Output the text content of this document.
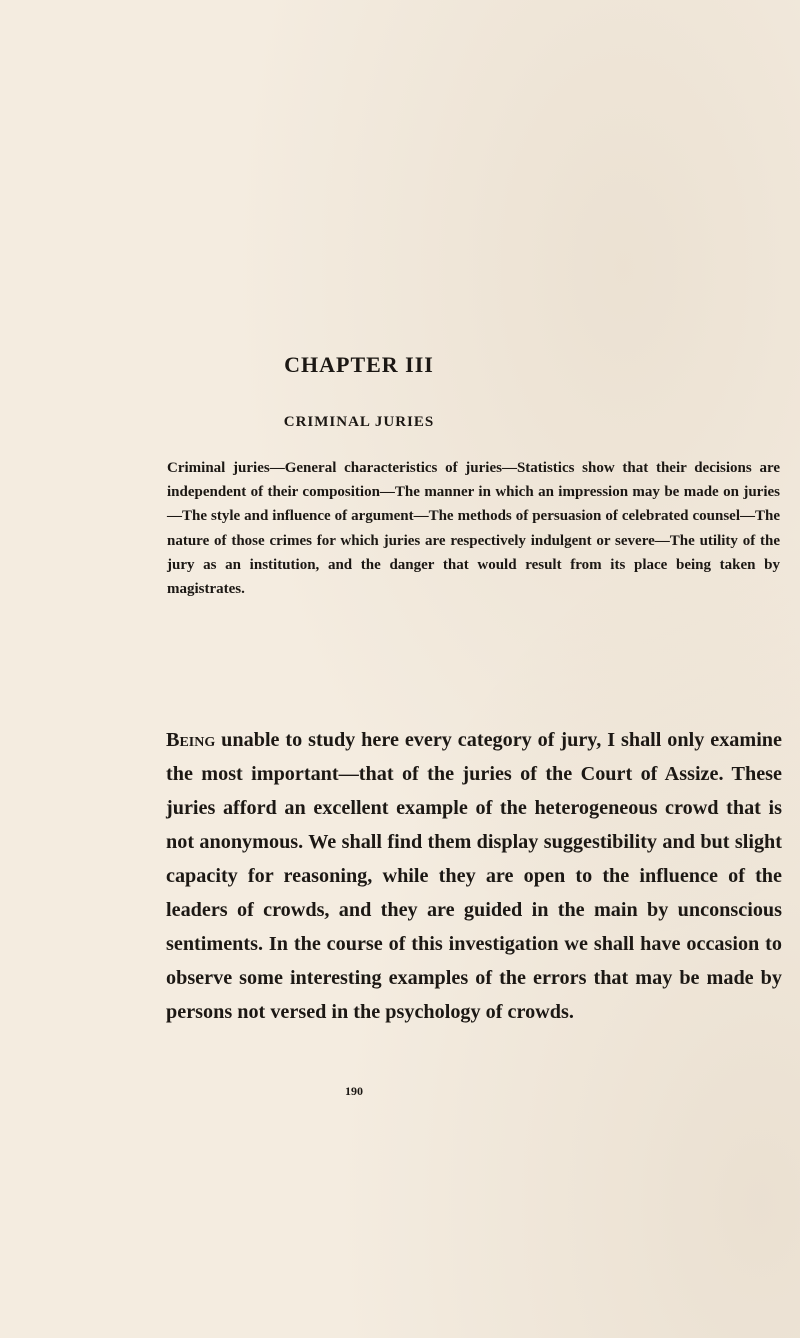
CHAPTER III
CRIMINAL JURIES

Criminal juries—General characteristics of juries—Statistics show that their decisions are independent of their composition—The manner in which an impression may be made on juries—The style and influence of argument—The methods of persuasion of celebrated counsel—The nature of those crimes for which juries are respectively indulgent or severe—The utility of the jury as an institution, and the danger that would result from its place being taken by magistrates.

Being unable to study here every category of jury, I shall only examine the most important—that of the juries of the Court of Assize. These juries afford an excellent example of the heterogeneous crowd that is not anonymous. We shall find them display suggestibility and but slight capacity for reasoning, while they are open to the influence of the leaders of crowds, and they are guided in the main by unconscious sentiments. In the course of this investigation we shall have occasion to observe some interesting examples of the errors that may be made by persons not versed in the psychology of crowds.

190
